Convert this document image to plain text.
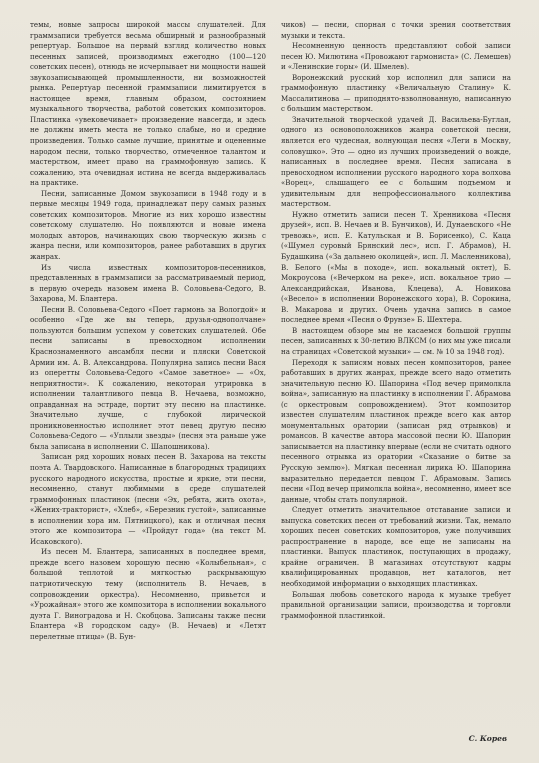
темы, новые запросы широкой массы слушателей. Для граммзаписи требуется весьма обширный и разнообразный репертуар. Большое на первый взгляд количество новых песенных записей, производимых ежегодно (100—120 советских песен), отнюдь не исчерпывает ни мощности нашей звукозаписывающей промышленности, ни возможностей рынка. Репертуар песенной граммзаписи лимитируется в настоящее время, главным образом, состоянием музыкального творчества, работой советских композиторов. Пластинка «увековечивает» произведение навсегда, и здесь не должны иметь места не только слабые, но и средние произведения. Только самые лучшие, принятые и оцененные народом песни, только творчество, отмеченное талантом и мастерством, имеет право на граммофонную запись. К сожалению, эта очевидная истина не всегда выдерживалась на практике.

Песни, записанные Домом звукозаписи в 1948 году и в первые месяцы 1949 года, принадлежат перу самых разных советских композиторов. Многие из них хорошо известны советскому слушателю. Но появляются и новые имена молодых авторов, начинающих свою творческую жизнь с жанра песни, или композиторов, ранее работавших в других жанрах.

Из числа известных композиторов-песенников, представленных в граммзаписи за рассматриваемый период, в первую очередь назовем имена В. Соловьева-Седого, В. Захарова, М. Блантера.

Песни В. Соловьева-Седого «Поет гармонь за Вологдой» и особенно «Где же вы теперь, друзья-однополчане» пользуются большим успехом у советских слушателей. Обе песни записаны в превосходном исполнении Краснознаменного ансамбля песни и пляски Советской Армии им. А. В. Александрова. Популярна запись песни Вася из оперетты Соловьева-Седого «Самое заветное» — «Ох, неприятности». К сожалению, некоторая утрировка в исполнении талантливого певца В. Нечаева, возможно, оправданная на эстраде, портит эту песню на пластинке. Значительно лучше, с глубокой лирической проникновенностью исполняет этот певец другую песню Соловьева-Седого — «Уплыли звезды» (песня эта раньше уже была записана в исполнении С. Шапошникова).

Записан ряд хороших новых песен В. Захарова на тексты поэта А. Твардовского. Написанные в благородных традициях русского народного искусства, простые и яркие, эти песни, несомненно, станут любимыми в среде слушателей граммофонных пластинок (песни «Эх, ребята, жить охота», «Жених-тракторист», «Хлеб», «Березник густой», записанные в исполнении хора им. Пятницкого), как и отличная песня этого же композитора — «Пройдут года» (на текст М. Исаковского).

Из песен М. Блантера, записанных в последнее время, прежде всего назовем хорошую песню «Колыбельная», с большой теплотой и мягкостью раскрывающую патриотическую тему (исполнитель В. Нечаев, в сопровождении оркестра). Несомненно, привьется и «Урожайная» этого же композитора в исполнении вокального дуэта Г. Виноградова и Н. Скобцова. Записаны также песни Блантера «В городском саду» (В. Нечаев) и «Летят перелетные птицы» (В. Бун-

чиков) — песни, спорная с точки зрения соответствия музыки и текста.

Несомненную ценность представляют собой записи песен Ю. Милютина «Провожают гармониста» (С. Лемешев) и «Ленинские горы» (И. Шмелев).

Воронежский русский хор исполнил для записи на граммофонную пластинку «Величальную Сталину» К. Массалитинова — приподнято-взволнованную, написанную с большим мастерством.

Значительной творческой удачей Д. Васильева-Буглая, одного из основоположников жанра советской песни, является его чудесная, волнующая песня «Леги в Москву, соловушко». Это — одно из лучших произведений о вожде, написанных в последнее время. Песня записана в превосходном исполнении русского народного хора волхова «Ворец», слышащего ее с большим подъемом и удивительным для непрофессионального коллектива мастерством.

Нужно отметить записи песен Т. Хренникова «Песня друзей», исп. В. Нечаев и В. Бунчиков), И. Дунаевского «Не тревожь», исп. Е. Катульская и В. Борисенко), С. Каца («Шумел суровый Брянский лес», исп. Г. Абрамов), Н. Будашкина («За дальнею околицей», исп. Л. Масленникова), В. Белого («Мы в походе», исп. вокальный октет), Б. Мокроусова («Вечерком на реке», исп. вокальное трио — Александрийская, Иванова, Клецева), А. Новикова («Весело» в исполнении Воронежского хора), В. Сорокина, В. Макарова и других. Очень удачна запись в самое последнее время «Песня о Фрунзе» Б. Шехтера.

В настоящем обзоре мы не касаемся большой группы песен, записанных к 30-летию ВЛКСМ (о них мы уже писали на страницах «Советской музыки» — см. № 10 за 1948 год).

Переходя к записям новых песен композиторов, ранее работавших в других жанрах, прежде всего надо отметить значительную песню Ю. Шапорина «Под вечер примолкла война», записанную на пластинку в исполнении Г. Абрамова (с оркестровым сопровождением). Этот композитор известен слушателям пластинок прежде всего как автор монументальных оратории (записан ряд отрывков) и романсов. В качестве автора массовой песни Ю. Шапорин записывается на пластинку впервые (если не считать одного песенного отрывка из оратории «Сказание о битве за Русскую землю»). Мягкая песенная лирика Ю. Шапорина выразительно передается певцом Г. Абрамовым. Запись песни «Под вечер примолкла война», несомненно, имеет все данные, чтобы стать популярной.

Следует отметить значительное отставание записи и выпуска советских песен от требований жизни. Так, немало хороших песен советских композиторов, уже получивших распространение в народе, все еще не записаны на пластинки. Выпуск пластинок, поступающих в продажу, крайне ограничен. В магазинах отсутствуют кадры квалифицированных продавцов, нет каталогов, нет необходимой информации о выходящих пластинках.

Большая любовь советского народа к музыке требует правильной организации записи, производства и торговли граммофонной пластинкой.

С. Корев
